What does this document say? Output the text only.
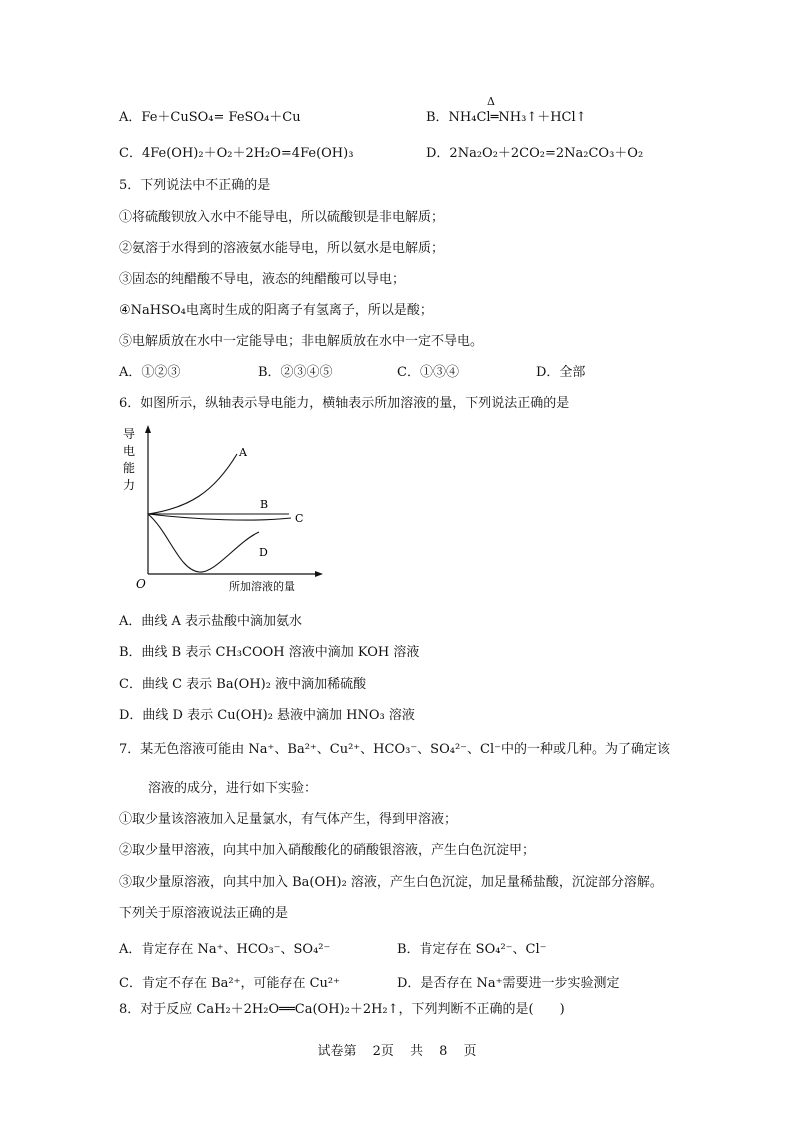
A．Fe＋CuSO₄= FeSO₄＋Cu	B．NH₄Cl═NH₃↑＋HCl↑
Δ
C．4Fe(OH)₂＋O₂＋2H₂O=4Fe(OH)₃	D．2Na₂O₂＋2CO₂=2Na₂CO₃＋O₂
5．下列说法中不正确的是
①将硫酸钡放入水中不能导电，所以硫酸钡是非电解质；
②氨溶于水得到的溶液氨水能导电，所以氨水是电解质；
③固态的纯醋酸不导电，液态的纯醋酸可以导电；
④NaHSO₄电离时生成的阳离子有氢离子，所以是酸；
⑤电解质放在水中一定能导电；非电解质放在水中一定不导电。
A．①②③	B．②③④⑤	C．①③④	D．全部
6．如图所示，纵轴表示导电能力，横轴表示所加溶液的量，下列说法正确的是
导
电
能
力
O	所加溶液的量
A
B
C
D
A．曲线 A 表示盐酸中滴加氨水
B．曲线 B 表示 CH₃COOH 溶液中滴加 KOH 溶液
C．曲线 C 表示 Ba(OH)₂ 液中滴加稀硫酸
D．曲线 D 表示 Cu(OH)₂ 悬液中滴加 HNO₃ 溶液
7．某无色溶液可能由 Na⁺、Ba²⁺、Cu²⁺、HCO₃⁻、SO₄²⁻、Cl⁻中的一种或几种。为了确定该
溶液的成分，进行如下实验：
①取少量该溶液加入足量氯水，有气体产生，得到甲溶液；
②取少量甲溶液，向其中加入硝酸酸化的硝酸银溶液，产生白色沉淀甲；
③取少量原溶液，向其中加入 Ba(OH)₂ 溶液，产生白色沉淀，加足量稀盐酸，沉淀部分溶解。
下列关于原溶液说法正确的是
A．肯定存在 Na⁺、HCO₃⁻、SO₄²⁻	B．肯定存在 SO₄²⁻、Cl⁻
C．肯定不存在 Ba²⁺，可能存在 Cu²⁺	D．是否存在 Na⁺需要进一步实验测定
8．对于反应 CaH₂＋2H₂O══Ca(OH)₂＋2H₂↑，下列判断不正确的是(　　)
试卷第 2页 共 8 页
